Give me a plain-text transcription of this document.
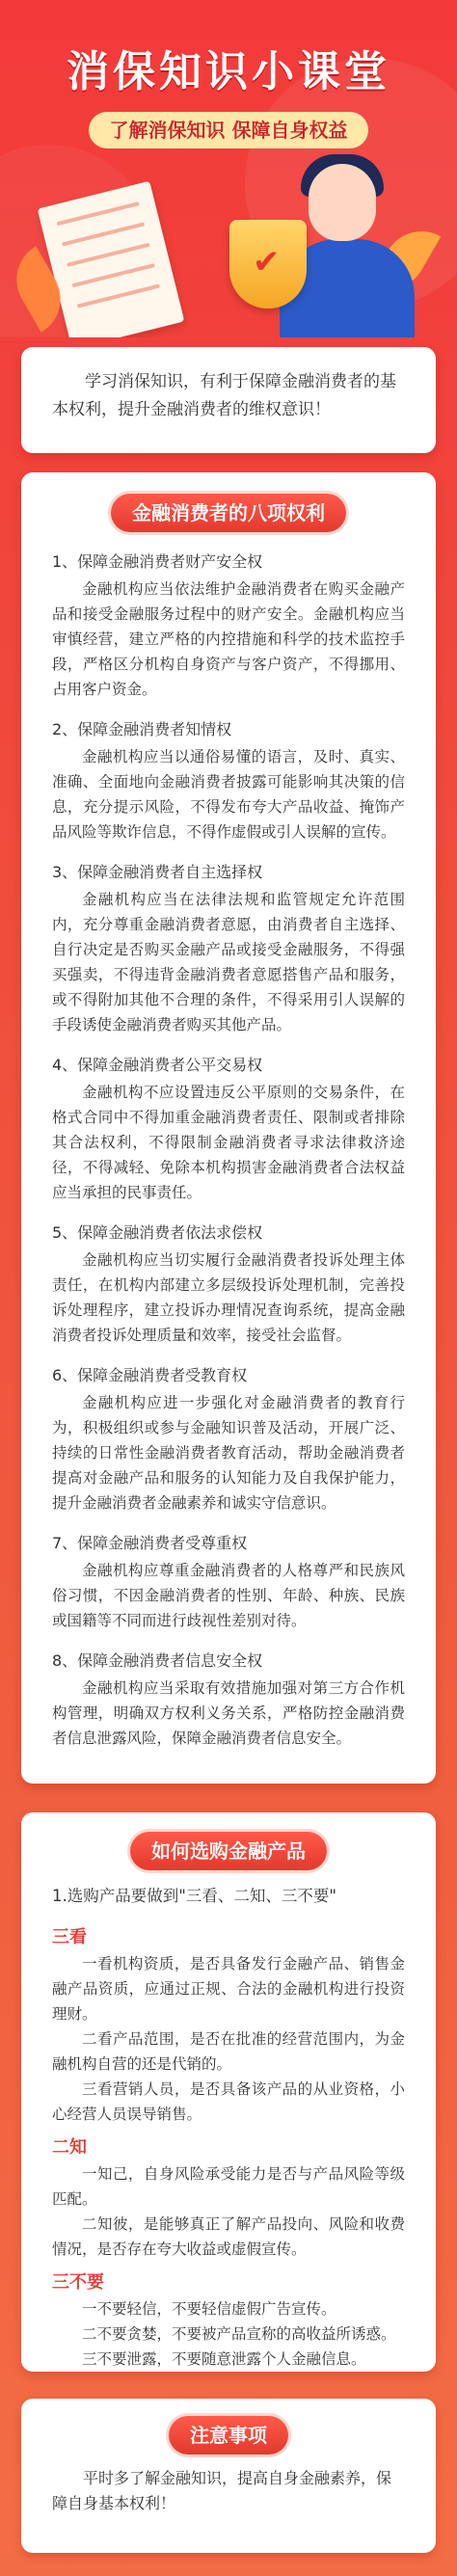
消保知识小课堂
了解消保知识 保障自身权益
✔

学习消保知识，有利于保障金融消费者的基本权利，提升金融消费者的维权意识！

金融消费者的八项权利
1、保障金融消费者财产安全权
金融机构应当依法维护金融消费者在购买金融产品和接受金融服务过程中的财产安全。金融机构应当审慎经营，建立严格的内控措施和科学的技术监控手段，严格区分机构自身资产与客户资产，不得挪用、占用客户资金。
2、保障金融消费者知情权
金融机构应当以通俗易懂的语言，及时、真实、准确、全面地向金融消费者披露可能影响其决策的信息，充分提示风险，不得发布夸大产品收益、掩饰产品风险等欺诈信息，不得作虚假或引人误解的宣传。
3、保障金融消费者自主选择权
金融机构应当在法律法规和监管规定允许范围内，充分尊重金融消费者意愿，由消费者自主选择、自行决定是否购买金融产品或接受金融服务，不得强买强卖，不得违背金融消费者意愿搭售产品和服务，或不得附加其他不合理的条件，不得采用引人误解的手段诱使金融消费者购买其他产品。
4、保障金融消费者公平交易权
金融机构不应设置违反公平原则的交易条件，在格式合同中不得加重金融消费者责任、限制或者排除其合法权利，不得限制金融消费者寻求法律救济途径，不得减轻、免除本机构损害金融消费者合法权益应当承担的民事责任。
5、保障金融消费者依法求偿权
金融机构应当切实履行金融消费者投诉处理主体责任，在机构内部建立多层级投诉处理机制，完善投诉处理程序，建立投诉办理情况查询系统，提高金融消费者投诉处理质量和效率，接受社会监督。
6、保障金融消费者受教育权
金融机构应进一步强化对金融消费者的教育行为，积极组织或参与金融知识普及活动，开展广泛、持续的日常性金融消费者教育活动，帮助金融消费者提高对金融产品和服务的认知能力及自我保护能力，提升金融消费者金融素养和诚实守信意识。
7、保障金融消费者受尊重权
金融机构应尊重金融消费者的人格尊严和民族风俗习惯，不因金融消费者的性别、年龄、种族、民族或国籍等不同而进行歧视性差别对待。
8、保障金融消费者信息安全权
金融机构应当采取有效措施加强对第三方合作机构管理，明确双方权利义务关系，严格防控金融消费者信息泄露风险，保障金融消费者信息安全。
如何选购金融产品
1.选购产品要做到"三看、二知、三不要"
三看
一看机构资质，是否具备发行金融产品、销售金融产品资质，应通过正规、合法的金融机构进行投资理财。
二看产品范围，是否在批准的经营范围内，为金融机构自营的还是代销的。
三看营销人员，是否具备该产品的从业资格，小心经营人员误导销售。
二知
一知己，自身风险承受能力是否与产品风险等级匹配。
二知彼，是能够真正了解产品投向、风险和收费情况，是否存在夸大收益或虚假宣传。
三不要
一不要轻信，不要轻信虚假广告宣传。
二不要贪婪，不要被产品宣称的高收益所诱惑。
三不要泄露，不要随意泄露个人金融信息。
注意事项
平时多了解金融知识，提高自身金融素养，保障自身基本权利！
